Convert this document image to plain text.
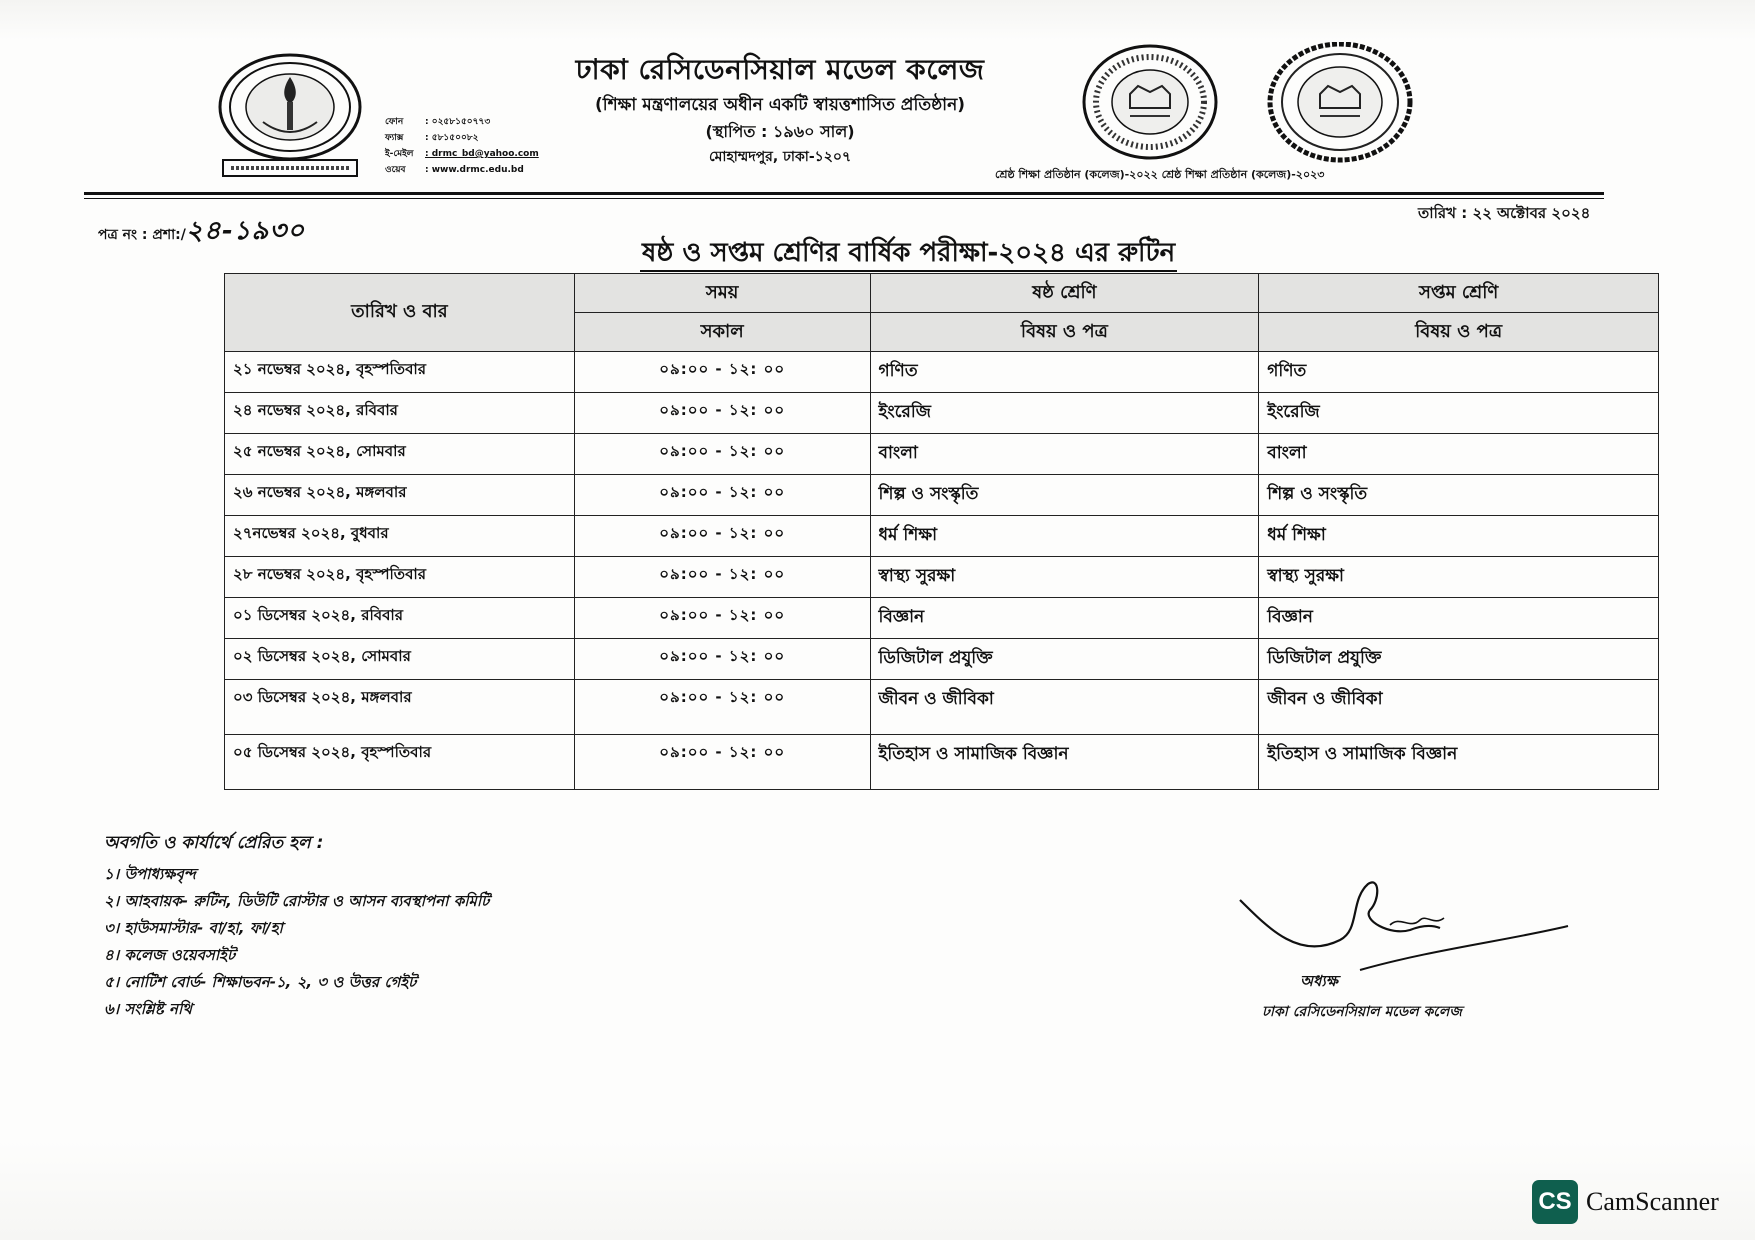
ফোন	: ০২৫৮১৫০৭৭৩
ফ্যাক্স	: ৫৮১৫০০৮২
ই-মেইল	: drmc_bd@yahoo.com
ওয়েব	: www.drmc.edu.bd
ঢাকা রেসিডেনসিয়াল মডেল কলেজ
(শিক্ষা মন্ত্রণালয়ের অধীন একটি স্বায়ত্তশাসিত প্রতিষ্ঠান)
(স্থাপিত : ১৯৬০ সাল)
মোহাম্মদপুর, ঢাকা-১২০৭
শ্রেষ্ঠ শিক্ষা প্রতিষ্ঠান (কলেজ)-২০২২ শ্রেষ্ঠ শিক্ষা প্রতিষ্ঠান (কলেজ)-২০২৩
পত্র নং : প্রশা:/২৪-১৯৩০
তারিখ : ২২ অক্টোবর ২০২৪
ষষ্ঠ ও সপ্তম শ্রেণির বার্ষিক পরীক্ষা-২০২৪ এর রুটিন
তারিখ ও বার	সময়	ষষ্ঠ শ্রেণি	সপ্তম শ্রেণি
	সকাল	বিষয় ও পত্র	বিষয় ও পত্র
২১ নভেম্বর ২০২৪, বৃহস্পতিবার	০৯:০০ - ১২: ০০	গণিত	গণিত
২৪ নভেম্বর ২০২৪, রবিবার	০৯:০০ - ১২: ০০	ইংরেজি	ইংরেজি
২৫ নভেম্বর ২০২৪, সোমবার	০৯:০০ - ১২: ০০	বাংলা	বাংলা
২৬ নভেম্বর ২০২৪, মঙ্গলবার	০৯:০০ - ১২: ০০	শিল্প ও সংস্কৃতি	শিল্প ও সংস্কৃতি
২৭নভেম্বর ২০২৪, বুধবার	০৯:০০ - ১২: ০০	ধর্ম শিক্ষা	ধর্ম শিক্ষা
২৮ নভেম্বর ২০২৪, বৃহস্পতিবার	০৯:০০ - ১২: ০০	স্বাস্থ্য সুরক্ষা	স্বাস্থ্য সুরক্ষা
০১ ডিসেম্বর ২০২৪, রবিবার	০৯:০০ - ১২: ০০	বিজ্ঞান	বিজ্ঞান
০২ ডিসেম্বর ২০২৪, সোমবার	০৯:০০ - ১২: ০০	ডিজিটাল প্রযুক্তি	ডিজিটাল প্রযুক্তি
০৩ ডিসেম্বর ২০২৪, মঙ্গলবার	০৯:০০ - ১২: ০০	জীবন ও জীবিকা	জীবন ও জীবিকা
০৫ ডিসেম্বর ২০২৪, বৃহস্পতিবার	০৯:০০ - ১২: ০০	ইতিহাস ও সামাজিক বিজ্ঞান	ইতিহাস ও সামাজিক বিজ্ঞান
অবগতি ও কার্যার্থে প্রেরিত হল :
১। উপাধ্যক্ষবৃন্দ
২। আহবায়ক- রুটিন, ডিউটি রোস্টার ও আসন ব্যবস্থাপনা কমিটি
৩। হাউসমাস্টার- বা/হা, ফা/হা
৪। কলেজ ওয়েবসাইট
৫। নোটিশ বোর্ড- শিক্ষাভবন-১, ২, ৩ ও উত্তর গেইট
৬। সংশ্লিষ্ট নথি
অধ্যক্ষ
ঢাকা রেসিডেনসিয়াল মডেল কলেজ
CS CamScanner
